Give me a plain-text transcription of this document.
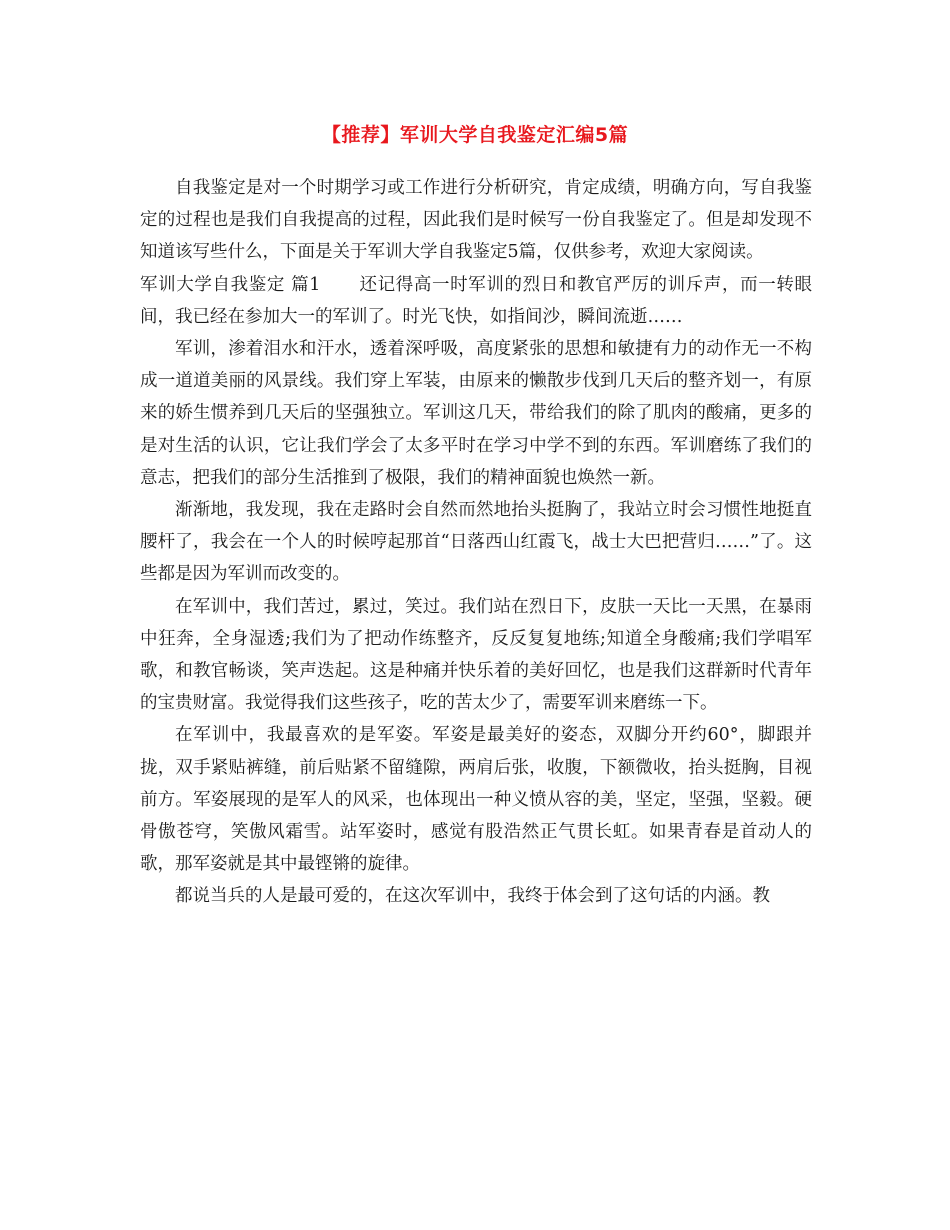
【推荐】军训大学自我鉴定汇编5篇

自我鉴定是对一个时期学习或工作进行分析研究，肯定成绩，明确方向，写自我鉴定的过程也是我们自我提高的过程，因此我们是时候写一份自我鉴定了。但是却发现不知道该写些什么，下面是关于军训大学自我鉴定5篇，仅供参考，欢迎大家阅读。

军训大学自我鉴定 篇1 还记得高一时军训的烈日和教官严厉的训斥声，而一转眼间，我已经在参加大一的军训了。时光飞快，如指间沙，瞬间流逝……

军训，渗着泪水和汗水，透着深呼吸，高度紧张的思想和敏捷有力的动作无一不构成一道道美丽的风景线。我们穿上军装，由原来的懒散步伐到几天后的整齐划一，有原来的娇生惯养到几天后的坚强独立。军训这几天，带给我们的除了肌肉的酸痛，更多的是对生活的认识，它让我们学会了太多平时在学习中学不到的东西。军训磨练了我们的意志，把我们的部分生活推到了极限，我们的精神面貌也焕然一新。

渐渐地，我发现，我在走路时会自然而然地抬头挺胸了，我站立时会习惯性地挺直腰杆了，我会在一个人的时候哼起那首“日落西山红霞飞，战士大巴把营归……”了。这些都是因为军训而改变的。

在军训中，我们苦过，累过，笑过。我们站在烈日下，皮肤一天比一天黑，在暴雨中狂奔，全身湿透;我们为了把动作练整齐，反反复复地练;知道全身酸痛;我们学唱军歌，和教官畅谈，笑声迭起。这是种痛并快乐着的美好回忆，也是我们这群新时代青年的宝贵财富。我觉得我们这些孩子，吃的苦太少了，需要军训来磨练一下。

在军训中，我最喜欢的是军姿。军姿是最美好的姿态，双脚分开约60°，脚跟并拢，双手紧贴裤缝，前后贴紧不留缝隙，两肩后张，收腹，下额微收，抬头挺胸，目视前方。军姿展现的是军人的风采，也体现出一种义愤从容的美，坚定，坚强，坚毅。硬骨傲苍穹，笑傲风霜雪。站军姿时，感觉有股浩然正气贯长虹。如果青春是首动人的歌，那军姿就是其中最铿锵的旋律。

都说当兵的人是最可爱的，在这次军训中，我终于体会到了这句话的内涵。教
